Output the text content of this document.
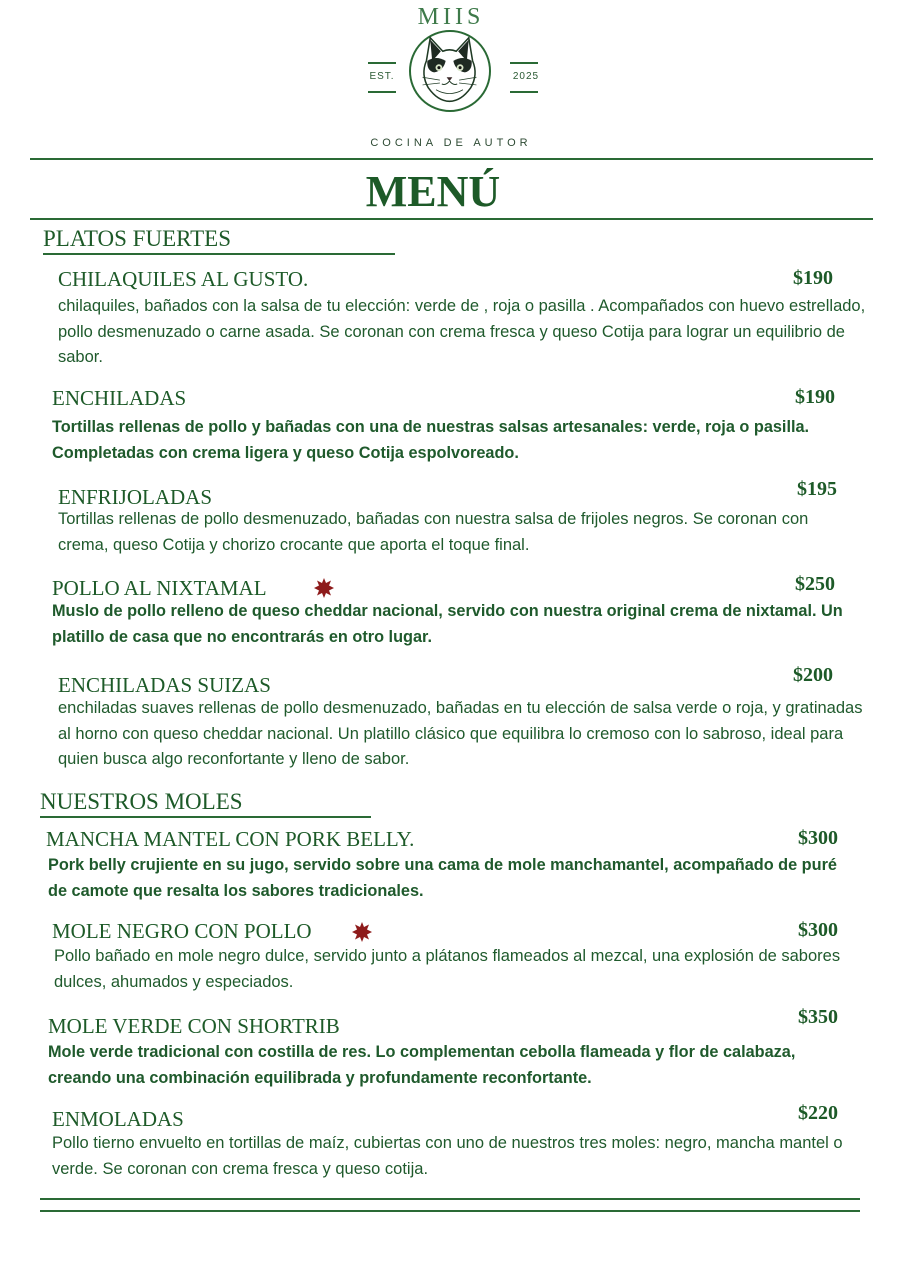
MIIS
EST.	2025
COCINA DE AUTOR
MENÚ
PLATOS FUERTES
CHILAQUILES AL GUSTO.	$190
chilaquiles, bañados con la salsa de tu elección: verde de , roja o pasilla . Acompañados con huevo estrellado, pollo desmenuzado o carne asada. Se coronan con crema fresca y queso Cotija para lograr un equilibrio de sabor.
ENCHILADAS	$190
Tortillas rellenas de pollo y bañadas con una de nuestras salsas artesanales: verde, roja o pasilla. Completadas con crema ligera y queso Cotija espolvoreado.
ENFRIJOLADAS	$195
Tortillas rellenas de pollo desmenuzado, bañadas con nuestra salsa de frijoles negros. Se coronan con crema, queso Cotija y chorizo crocante que aporta el toque final.
POLLO AL NIXTAMAL	$250
Muslo de pollo relleno de queso cheddar nacional, servido con nuestra original crema de nixtamal. Un platillo de casa que no encontrarás en otro lugar.
ENCHILADAS SUIZAS	$200
enchiladas suaves rellenas de pollo desmenuzado, bañadas en tu elección de salsa verde o roja, y gratinadas al horno con queso cheddar nacional. Un platillo clásico que equilibra lo cremoso con lo sabroso, ideal para quien busca algo reconfortante y lleno de sabor.
NUESTROS MOLES
MANCHA MANTEL CON PORK BELLY.	$300
Pork belly crujiente en su jugo, servido sobre una cama de mole manchamantel, acompañado de puré de camote que resalta los sabores tradicionales.
MOLE NEGRO CON POLLO	$300
Pollo bañado en mole negro dulce, servido junto a plátanos flameados al mezcal, una explosión de sabores dulces, ahumados y especiados.
MOLE VERDE CON SHORTRIB	$350
Mole verde tradicional con costilla de res. Lo complementan cebolla flameada y flor de calabaza, creando una combinación equilibrada y profundamente reconfortante.
ENMOLADAS	$220
Pollo tierno envuelto en tortillas de maíz, cubiertas con uno de nuestros tres moles: negro, mancha mantel o verde. Se coronan con crema fresca y queso cotija.
